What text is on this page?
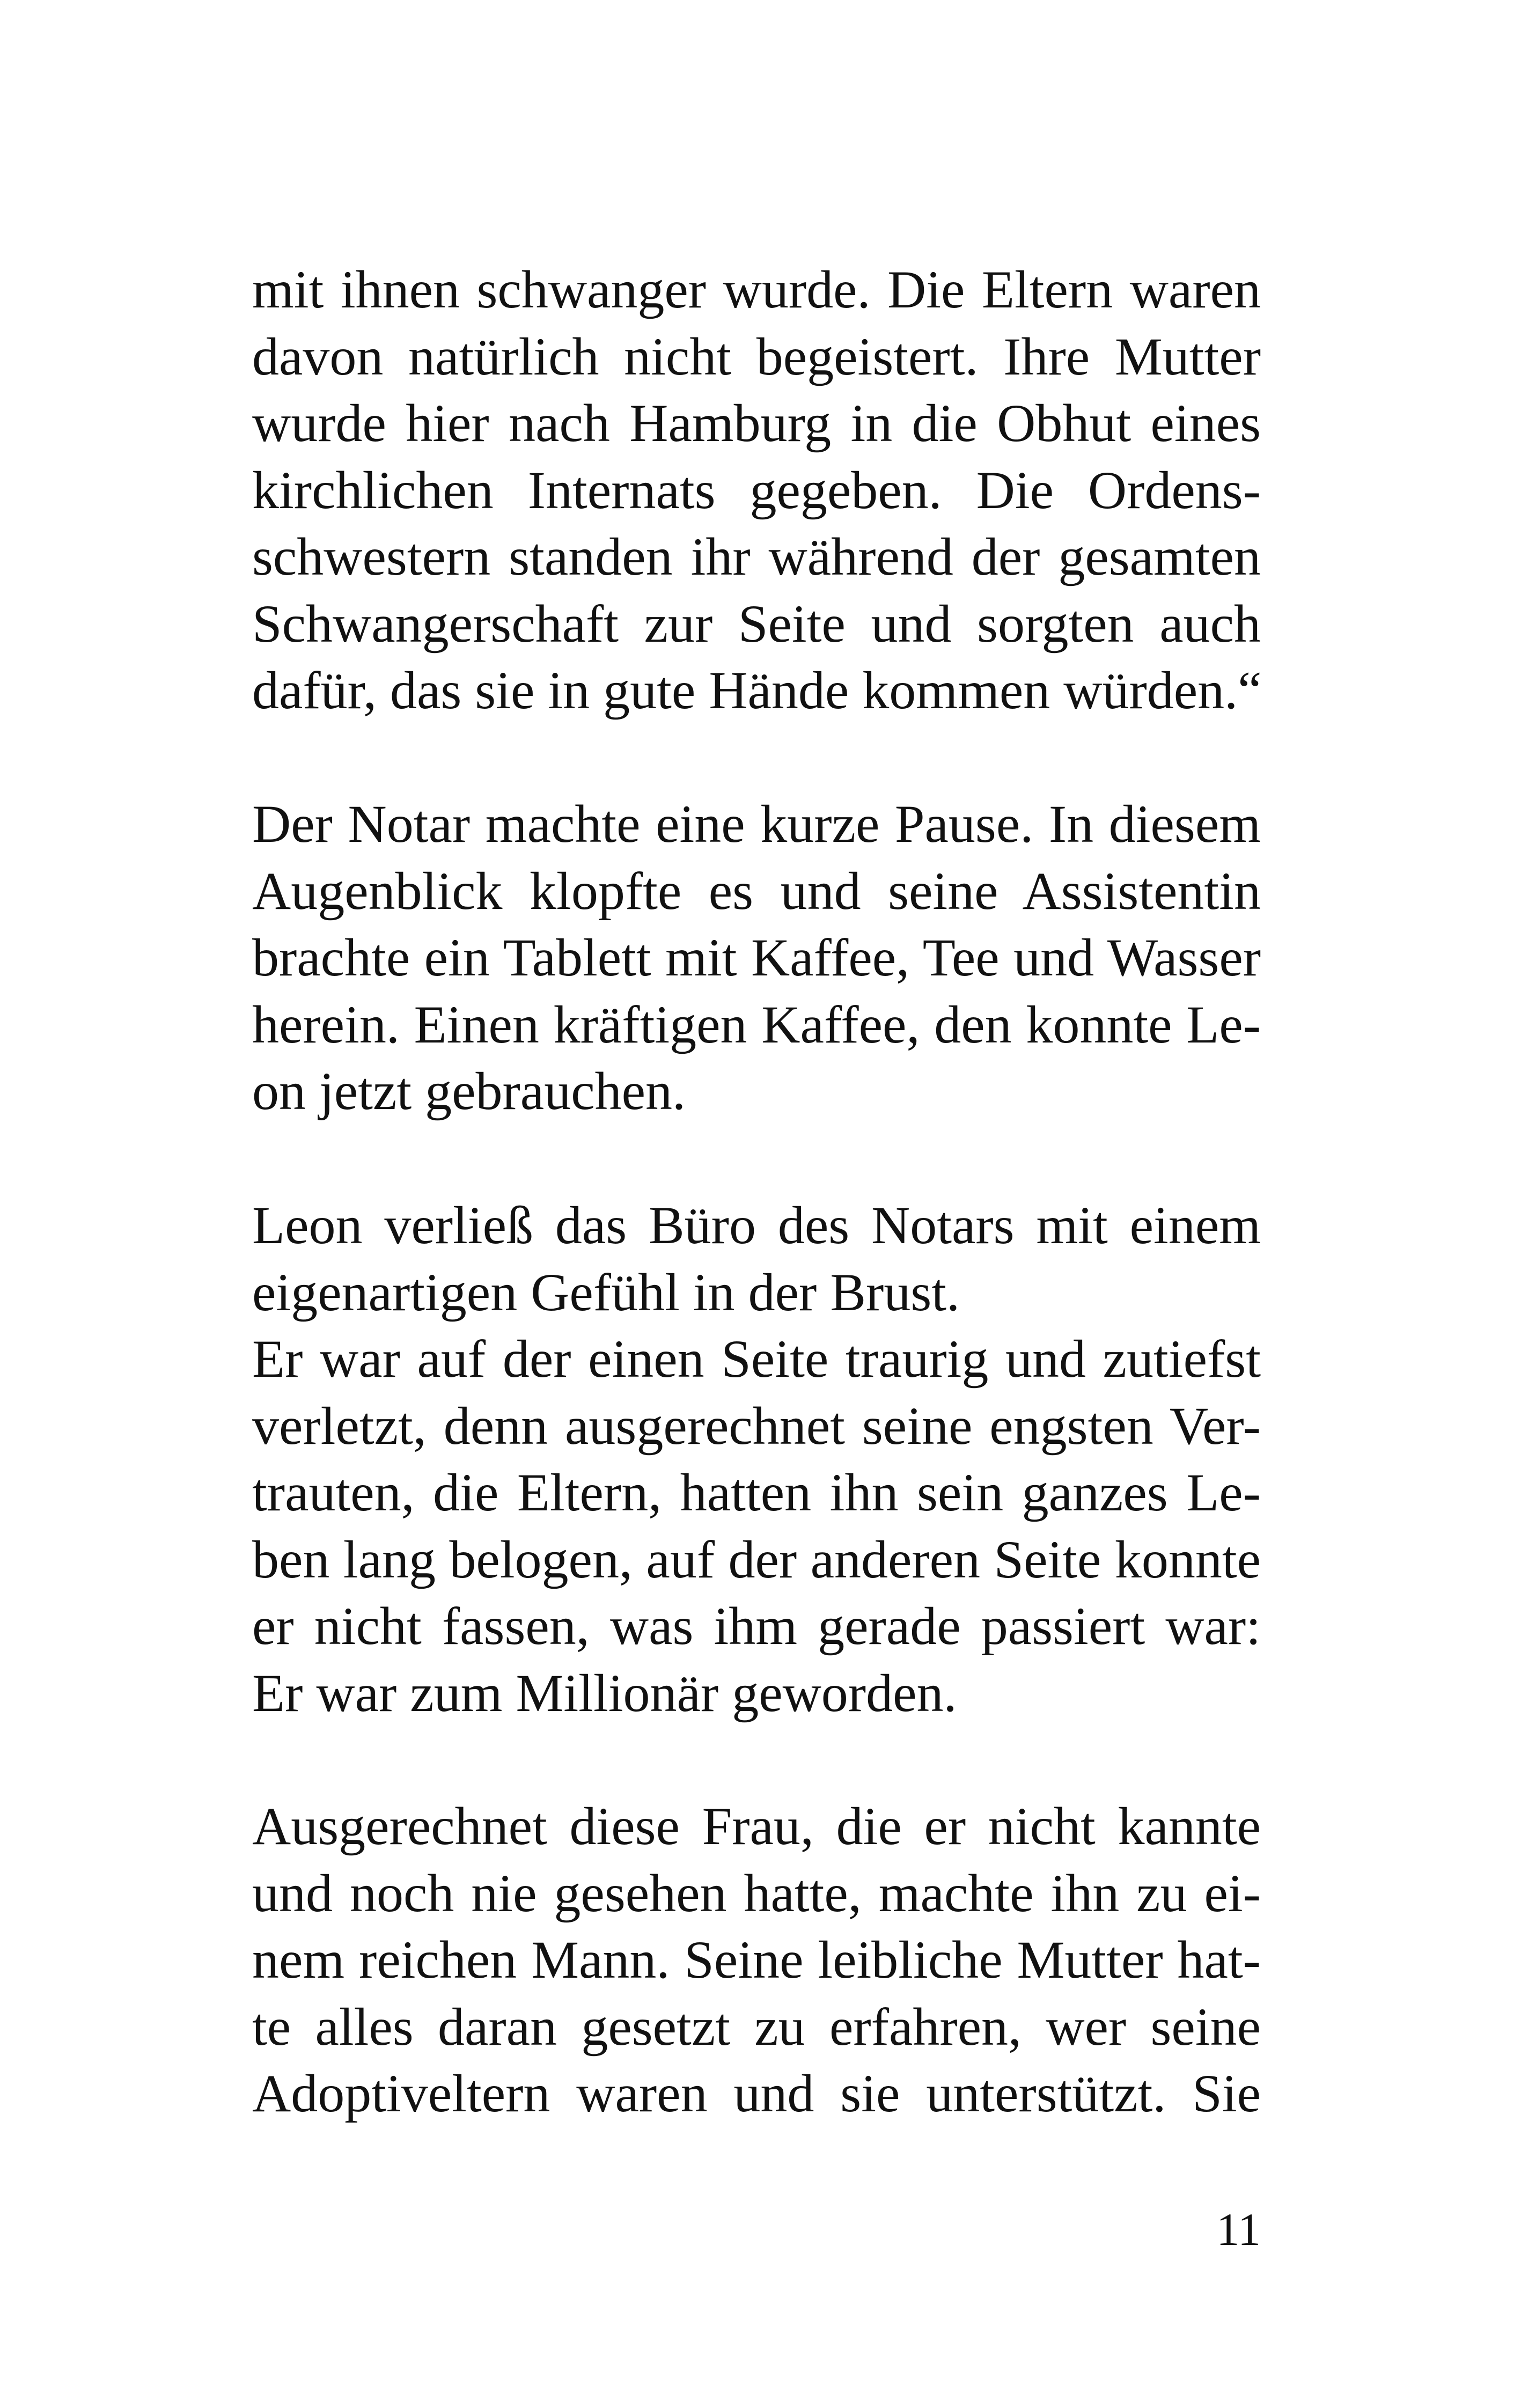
mit ihnen schwanger wurde. Die Eltern waren
davon natürlich nicht begeistert. Ihre Mutter
wurde hier nach Hamburg in die Obhut eines
kirchlichen Internats gegeben. Die Ordens-
schwestern standen ihr während der gesamten
Schwangerschaft zur Seite und sorgten auch
dafür, das sie in gute Hände kommen würden.“
Der Notar machte eine kurze Pause. In diesem
Augenblick klopfte es und seine Assistentin
brachte ein Tablett mit Kaffee, Tee und Wasser
herein. Einen kräftigen Kaffee, den konnte Le-
on jetzt gebrauchen.
Leon verließ das Büro des Notars mit einem
eigenartigen Gefühl in der Brust.
Er war auf der einen Seite traurig und zutiefst
verletzt, denn ausgerechnet seine engsten Ver-
trauten, die Eltern, hatten ihn sein ganzes Le-
ben lang belogen, auf der anderen Seite konnte
er nicht fassen, was ihm gerade passiert war:
Er war zum Millionär geworden.
Ausgerechnet diese Frau, die er nicht kannte
und noch nie gesehen hatte, machte ihn zu ei-
nem reichen Mann. Seine leibliche Mutter hat-
te alles daran gesetzt zu erfahren, wer seine
Adoptiveltern waren und sie unterstützt. Sie
11
